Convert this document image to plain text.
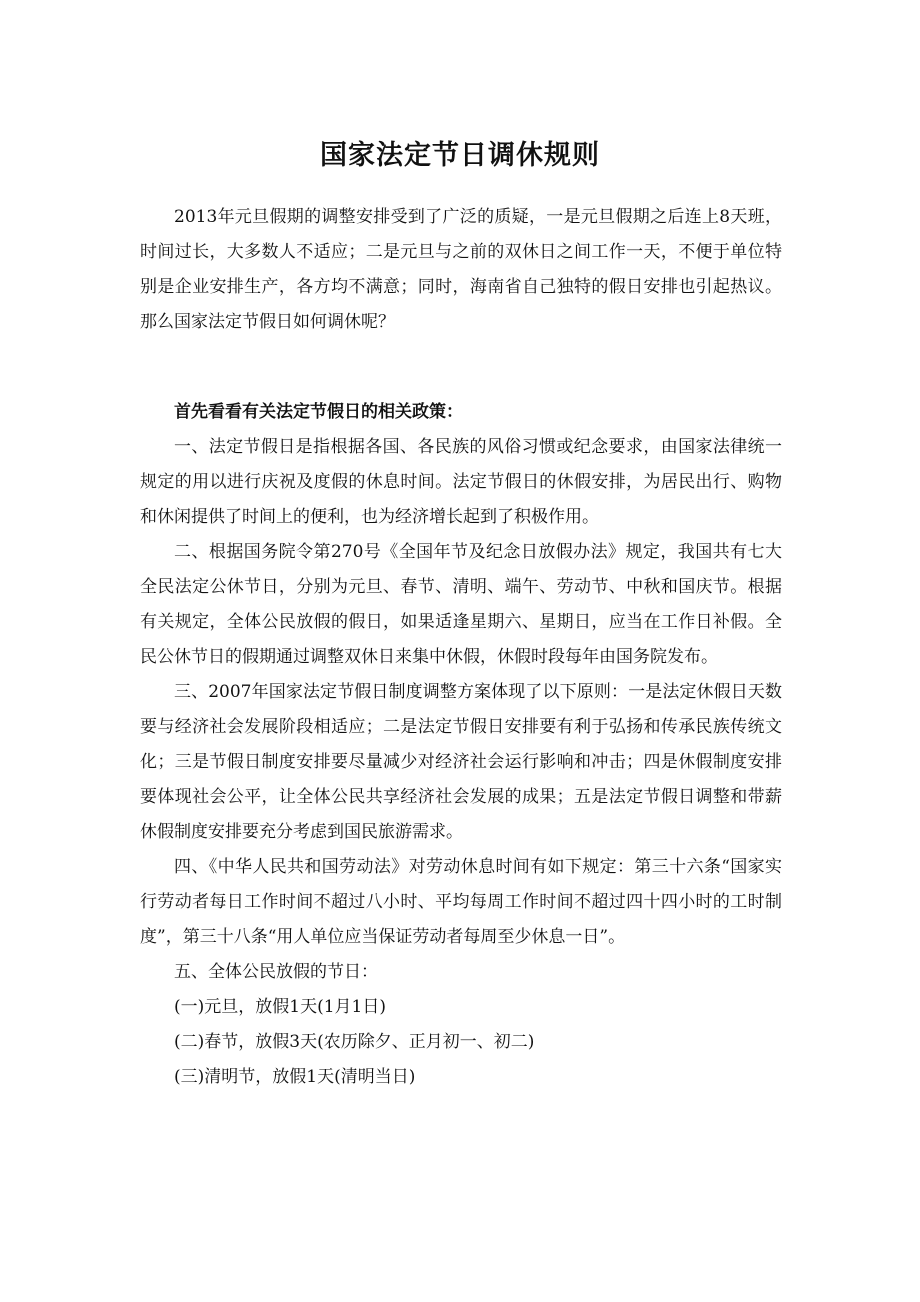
国家法定节日调休规则

2013年元旦假期的调整安排受到了广泛的质疑，一是元旦假期之后连上8天班，时间过长，大多数人不适应；二是元旦与之前的双休日之间工作一天，不便于单位特别是企业安排生产，各方均不满意；同时，海南省自己独特的假日安排也引起热议。那么国家法定节假日如何调休呢？

首先看看有关法定节假日的相关政策：

一、法定节假日是指根据各国、各民族的风俗习惯或纪念要求，由国家法律统一规定的用以进行庆祝及度假的休息时间。法定节假日的休假安排，为居民出行、购物和休闲提供了时间上的便利，也为经济增长起到了积极作用。

二、根据国务院令第270号《全国年节及纪念日放假办法》规定，我国共有七大全民法定公休节日，分别为元旦、春节、清明、端午、劳动节、中秋和国庆节。根据有关规定，全体公民放假的假日，如果适逢星期六、星期日，应当在工作日补假。全民公休节日的假期通过调整双休日来集中休假，休假时段每年由国务院发布。

三、2007年国家法定节假日制度调整方案体现了以下原则：一是法定休假日天数要与经济社会发展阶段相适应；二是法定节假日安排要有利于弘扬和传承民族传统文化；三是节假日制度安排要尽量减少对经济社会运行影响和冲击；四是休假制度安排要体现社会公平，让全体公民共享经济社会发展的成果；五是法定节假日调整和带薪休假制度安排要充分考虑到国民旅游需求。

四、《中华人民共和国劳动法》对劳动休息时间有如下规定：第三十六条“国家实行劳动者每日工作时间不超过八小时、平均每周工作时间不超过四十四小时的工时制度”，第三十八条“用人单位应当保证劳动者每周至少休息一日”。

五、全体公民放假的节日：

(一)元旦，放假1天(1月1日)

(二)春节，放假3天(农历除夕、正月初一、初二)

(三)清明节，放假1天(清明当日)
